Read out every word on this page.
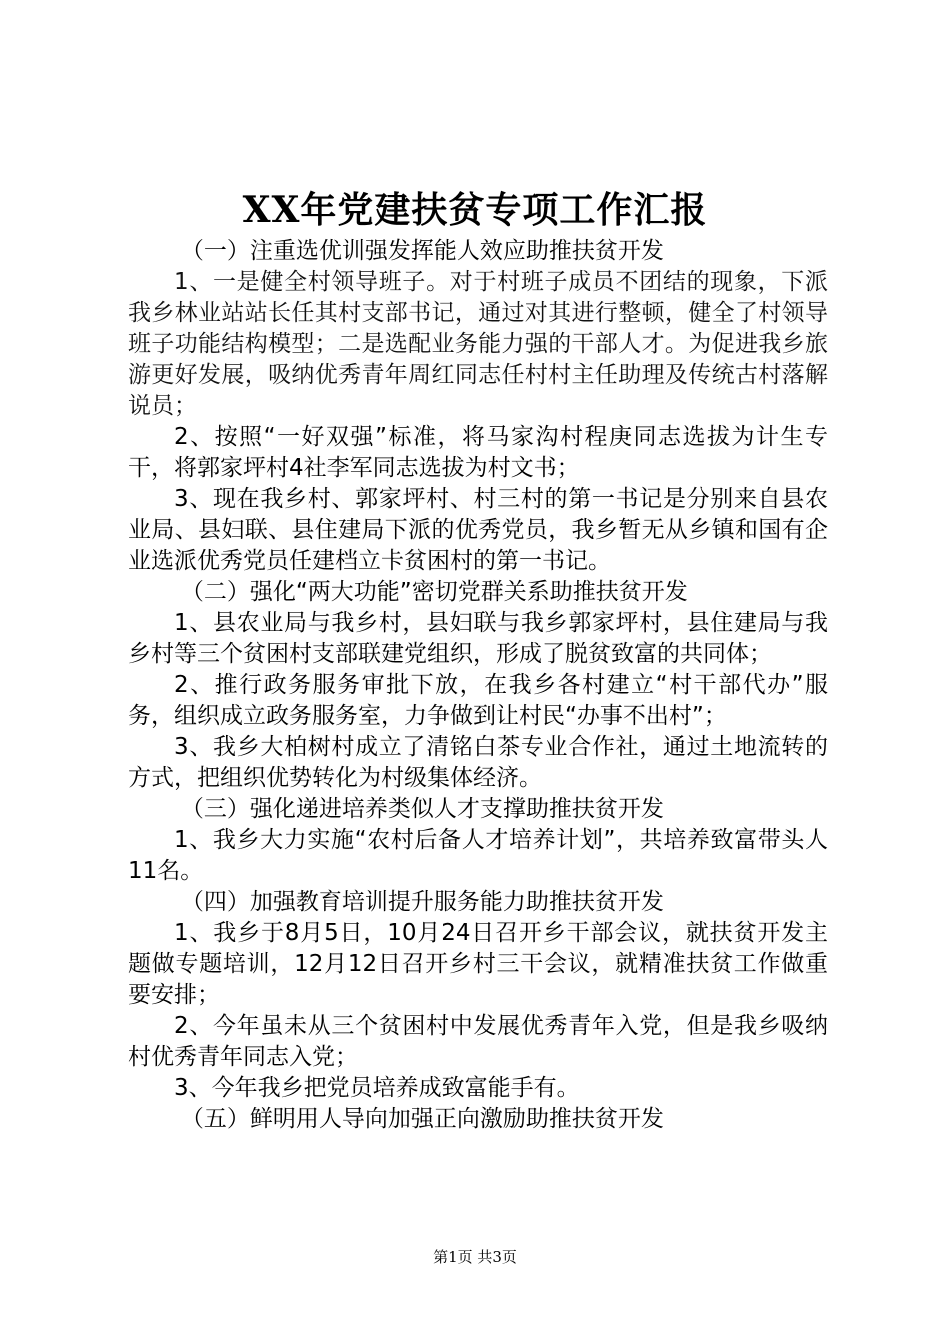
XX年党建扶贫专项工作汇报

（一）注重选优训强发挥能人效应助推扶贫开发

1、一是健全村领导班子。对于村班子成员不团结的现象，下派我乡林业站站长任其村支部书记，通过对其进行整顿，健全了村领导班子功能结构模型；二是选配业务能力强的干部人才。为促进我乡旅游更好发展，吸纳优秀青年周红同志任村村主任助理及传统古村落解说员；

2、按照“一好双强”标准，将马家沟村程庚同志选拔为计生专干，将郭家坪村4社李军同志选拔为村文书；

3、现在我乡村、郭家坪村、村三村的第一书记是分别来自县农业局、县妇联、县住建局下派的优秀党员，我乡暂无从乡镇和国有企业选派优秀党员任建档立卡贫困村的第一书记。

（二）强化“两大功能”密切党群关系助推扶贫开发

1、县农业局与我乡村，县妇联与我乡郭家坪村，县住建局与我乡村等三个贫困村支部联建党组织，形成了脱贫致富的共同体；

2、推行政务服务审批下放，在我乡各村建立“村干部代办”服务，组织成立政务服务室，力争做到让村民“办事不出村”；

3、我乡大柏树村成立了清铭白茶专业合作社，通过土地流转的方式，把组织优势转化为村级集体经济。

（三）强化递进培养类似人才支撑助推扶贫开发

1、我乡大力实施“农村后备人才培养计划”，共培养致富带头人11名。

（四）加强教育培训提升服务能力助推扶贫开发

1、我乡于8月5日，10月24日召开乡干部会议，就扶贫开发主题做专题培训，12月12日召开乡村三干会议，就精准扶贫工作做重要安排；

2、今年虽未从三个贫困村中发展优秀青年入党，但是我乡吸纳村优秀青年同志入党；

3、今年我乡把党员培养成致富能手有。

（五）鲜明用人导向加强正向激励助推扶贫开发

第1页 共3页
